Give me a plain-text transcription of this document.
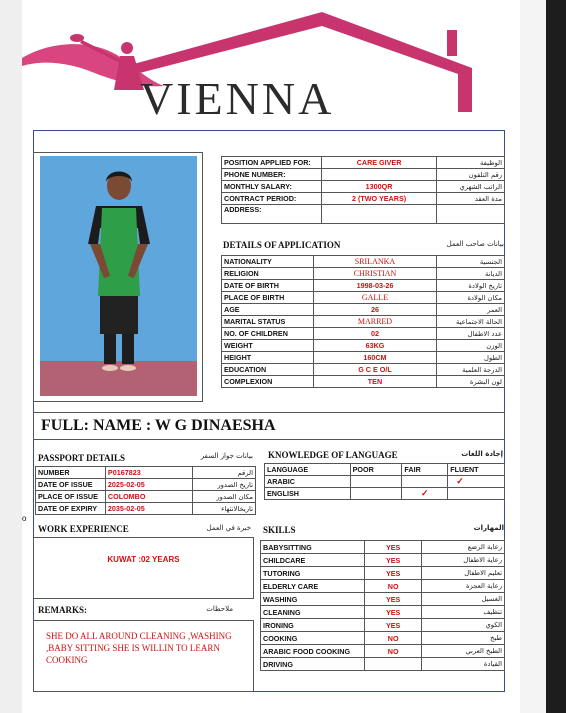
VIENNA
POSITION APPLIED FOR:	CARE GIVER	الوظيفة
PHONE NUMBER:		رقم التلفون
MONTHLY SALARY:	1300QR	الراتب الشهري
CONTRACT PERIOD:	2 (TWO YEARS)	مدة العقد
ADDRESS:		
DETAILS OF APPLICATION	بيانات صاحب العمل
NATIONALITY	SRILANKA	الجنسية
RELIGION	CHRISTIAN	الديانة
DATE OF BIRTH	1998-03-26	تاريخ الولادة
PLACE OF BIRTH	GALLE	مكان الولادة
AGE	26	العمر
MARITAL STATUS	MARRED	الحالة الاجتماعية
NO. OF CHILDREN	02	عدد الاطفال
WEIGHT	63KG	الوزن
HEIGHT	160CM	الطول
EDUCATION	G C E O/L	الدرجة العلمية
COMPLEXION	TEN	لون البشرة
FULL: NAME : W G DINAESHA
PASSPORT DETAILS	بيانات جواز السفر
NUMBER	P0167823	الرقم
DATE OF ISSUE	2025-02-05	تاريخ الصدور
PLACE OF ISSUE	COLOMBO	مكان الصدور
DATE OF EXPIRY	2035-02-05	تاريخالانتهاء
o
KNOWLEDGE OF LANGUAGE	إجادة اللغات
LANGUAGE	POOR	FAIR	FLUENT
ARABIC			✓
ENGLISH		✓	
WORK EXPERIENCE	خبرة في العمل
KUWAT :02 YEARS
REMARKS:	ملاحظات
SHE DO ALL AROUND CLEANING ,WASHING ,BABY SITTING SHE IS WILLIN TO LEARN COOKING
SKILLS	المهارات
BABYSITTING	YES	رعاية الرضع
CHILDCARE	YES	رعاية الاطفال
TUTORING	YES	تعليم الاطفال
ELDERLY CARE	NO	رعاية العجزة
WASHING	YES	الغسيل
CLEANING	YES	تنظيف
IRONING	YES	الكوي
COOKING	NO	طبخ
ARABIC FOOD COOKING	NO	الطبخ العربي
DRIVING		القيادة
